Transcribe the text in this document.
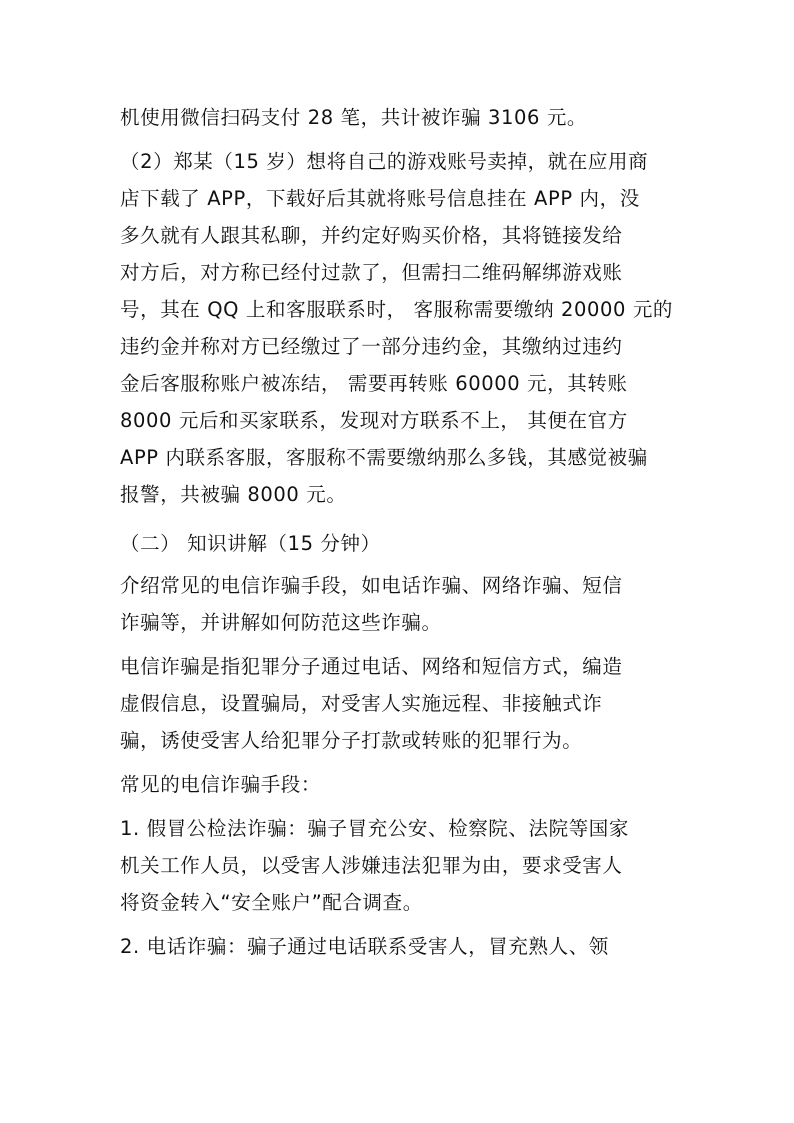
机使用微信扫码支付 28 笔，共计被诈骗 3106 元。
（2）郑某（15 岁）想将自己的游戏账号卖掉，就在应用商
店下载了 APP，下载好后其就将账号信息挂在 APP 内，没
多久就有人跟其私聊，并约定好购买价格，其将链接发给
对方后，对方称已经付过款了，但需扫二维码解绑游戏账
号，其在 QQ 上和客服联系时， 客服称需要缴纳 20000 元的
违约金并称对方已经缴过了一部分违约金，其缴纳过违约
金后客服称账户被冻结， 需要再转账 60000 元，其转账
8000 元后和买家联系，发现对方联系不上， 其便在官方
APP 内联系客服，客服称不需要缴纳那么多钱，其感觉被骗
报警，共被骗 8000 元。
（二） 知识讲解（15 分钟）
介绍常见的电信诈骗手段，如电话诈骗、网络诈骗、短信
诈骗等，并讲解如何防范这些诈骗。
电信诈骗是指犯罪分子通过电话、网络和短信方式，编造
虚假信息，设置骗局，对受害人实施远程、非接触式诈
骗，诱使受害人给犯罪分子打款或转账的犯罪行为。
常见的电信诈骗手段：
1. 假冒公检法诈骗：骗子冒充公安、检察院、法院等国家
机关工作人员，以受害人涉嫌违法犯罪为由，要求受害人
将资金转入“安全账户”配合调查。
2. 电话诈骗：骗子通过电话联系受害人，冒充熟人、领
